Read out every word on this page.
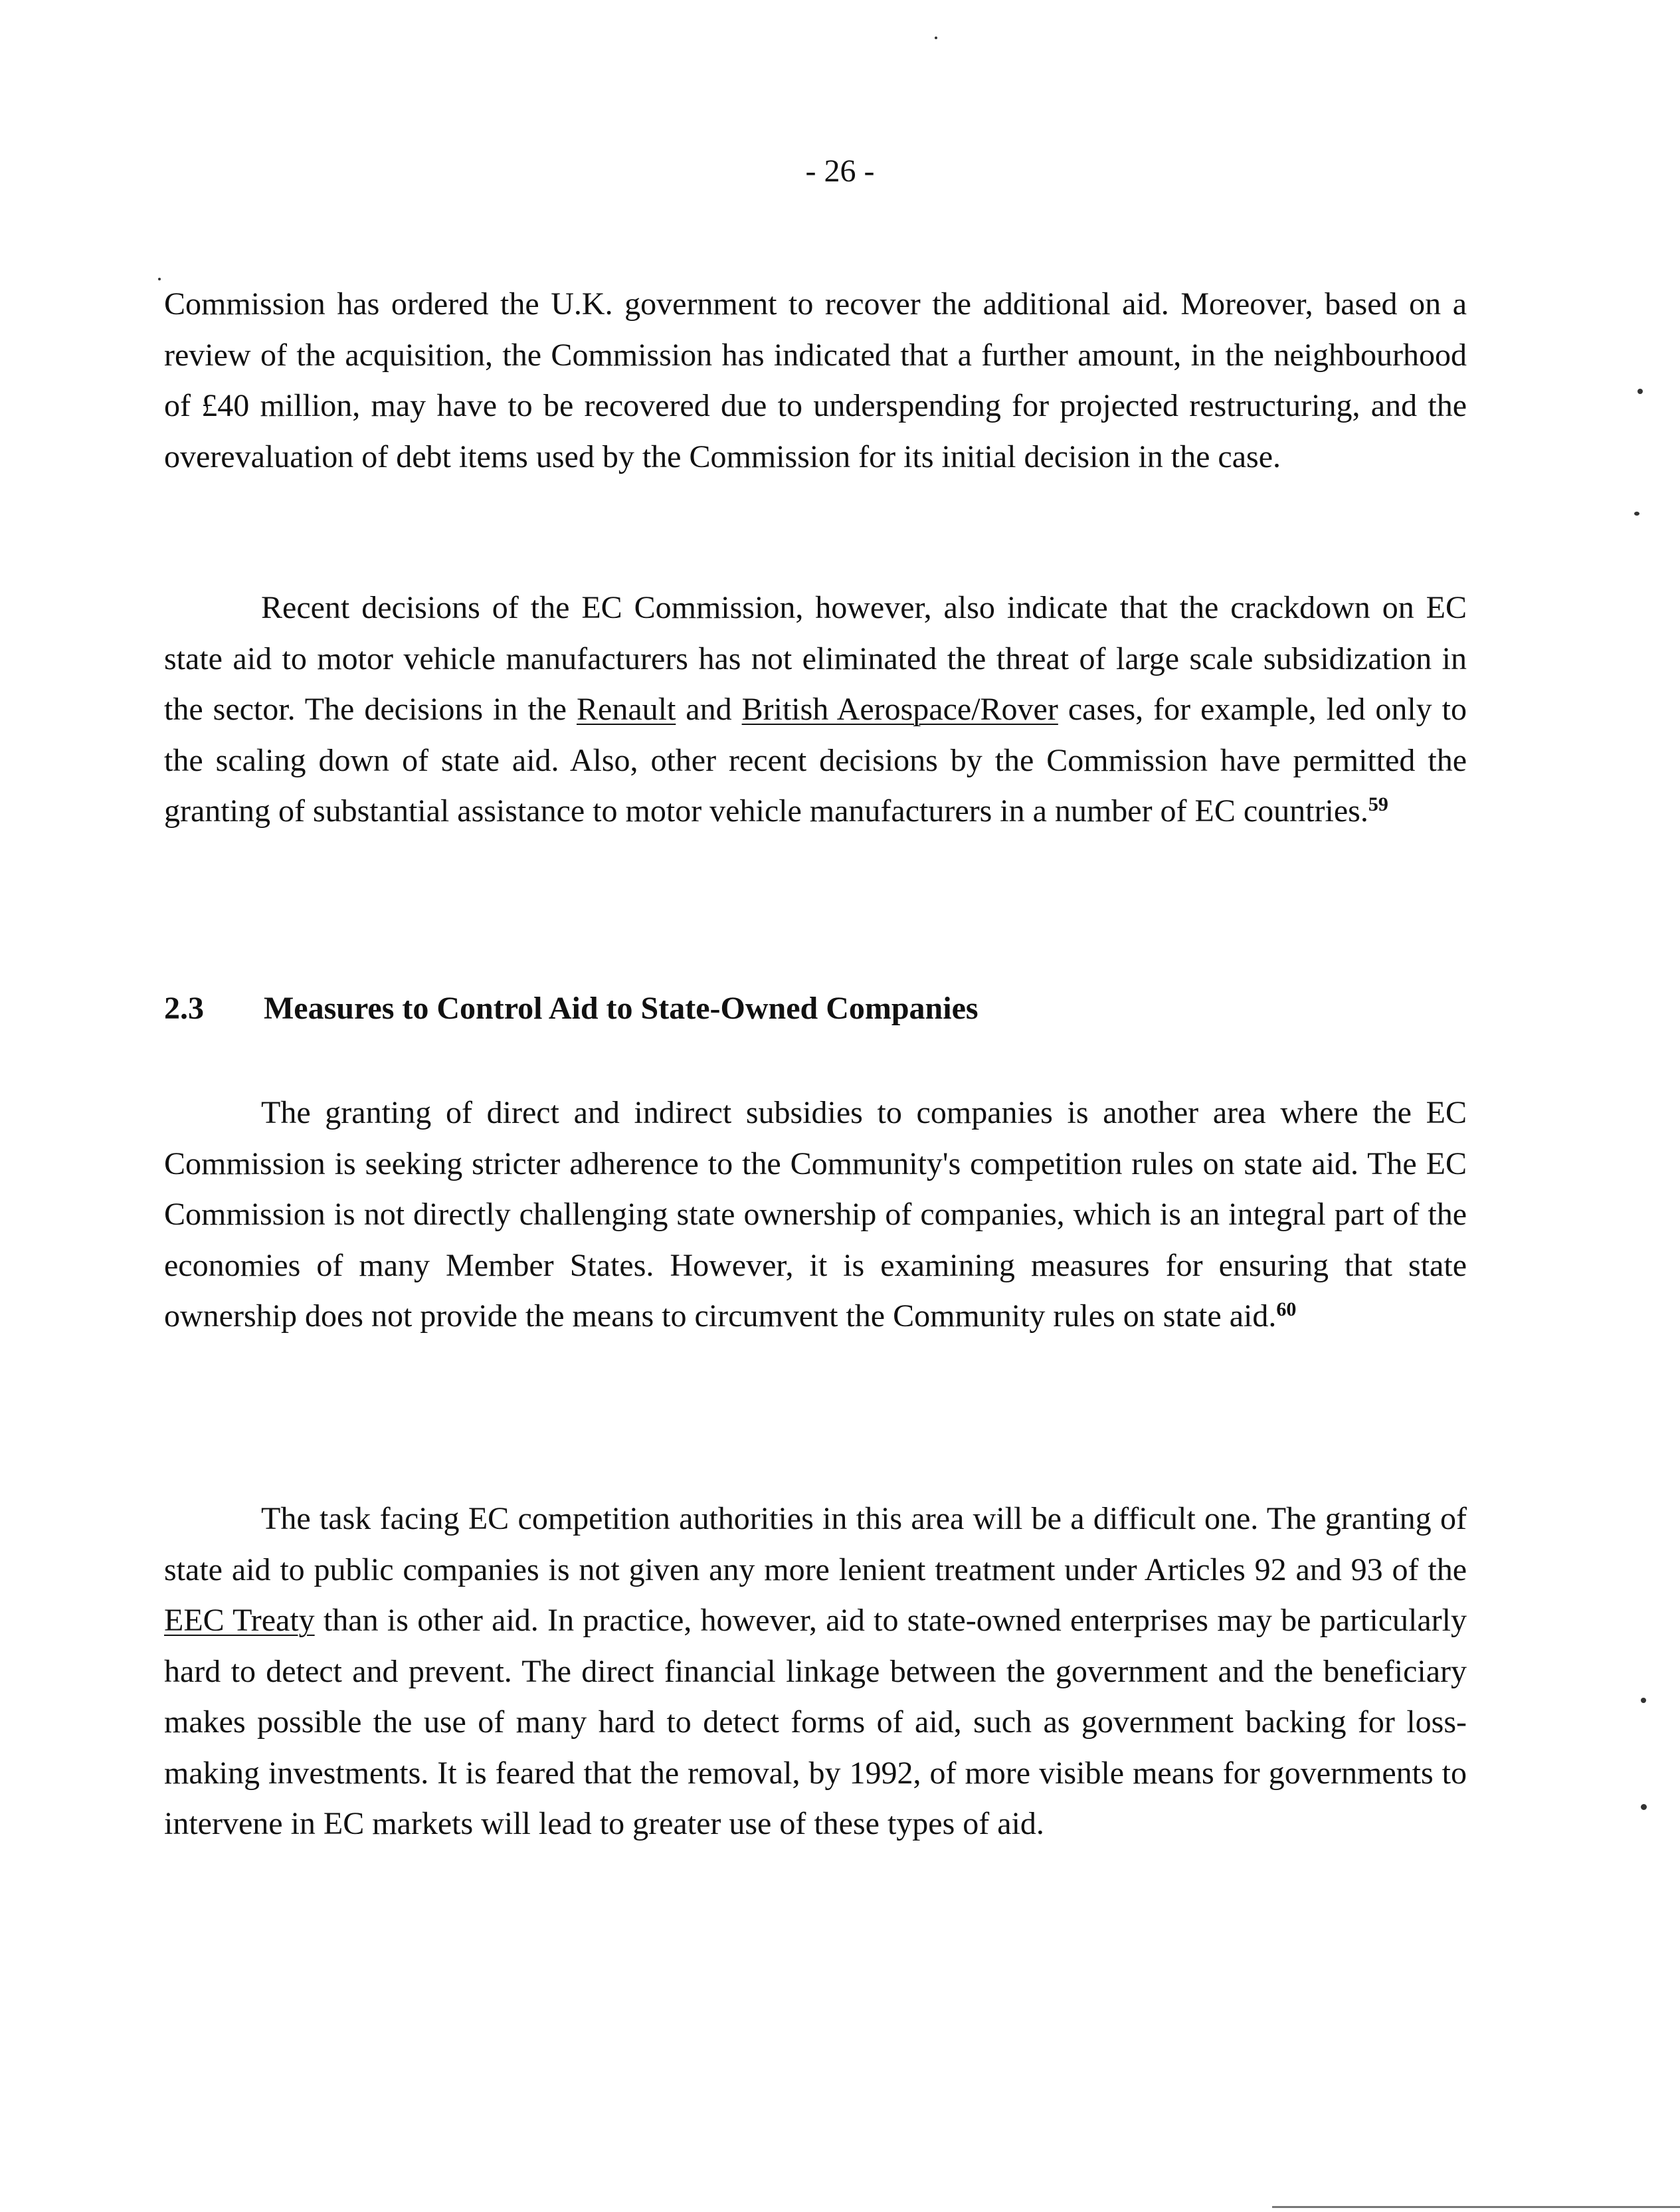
- 26 -

Commission has ordered the U.K. government to recover the additional aid. Moreover, based on a review of the acquisition, the Commission has indicated that a further amount, in the neighbourhood of £40 million, may have to be recovered due to underspending for projected restructuring, and the overevaluation of debt items used by the Commission for its initial decision in the case.

Recent decisions of the EC Commission, however, also indicate that the crackdown on EC state aid to motor vehicle manufacturers has not eliminated the threat of large scale subsidization in the sector. The decisions in the Renault and British Aerospace/Rover cases, for example, led only to the scaling down of state aid. Also, other recent decisions by the Commission have permitted the granting of substantial assistance to motor vehicle manufacturers in a number of EC countries.$^{59}$

2.3 Measures to Control Aid to State-Owned Companies

The granting of direct and indirect subsidies to companies is another area where the EC Commission is seeking stricter adherence to the Community's competition rules on state aid. The EC Commission is not directly challenging state ownership of companies, which is an integral part of the economies of many Member States. However, it is examining measures for ensuring that state ownership does not provide the means to circumvent the Community rules on state aid.$^{60}$

The task facing EC competition authorities in this area will be a difficult one. The granting of state aid to public companies is not given any more lenient treatment under Articles 92 and 93 of the EEC Treaty than is other aid. In practice, however, aid to state-owned enterprises may be particularly hard to detect and prevent. The direct financial linkage between the government and the beneficiary makes possible the use of many hard to detect forms of aid, such as government backing for loss-making investments. It is feared that the removal, by 1992, of more visible means for governments to intervene in EC markets will lead to greater use of these types of aid.
